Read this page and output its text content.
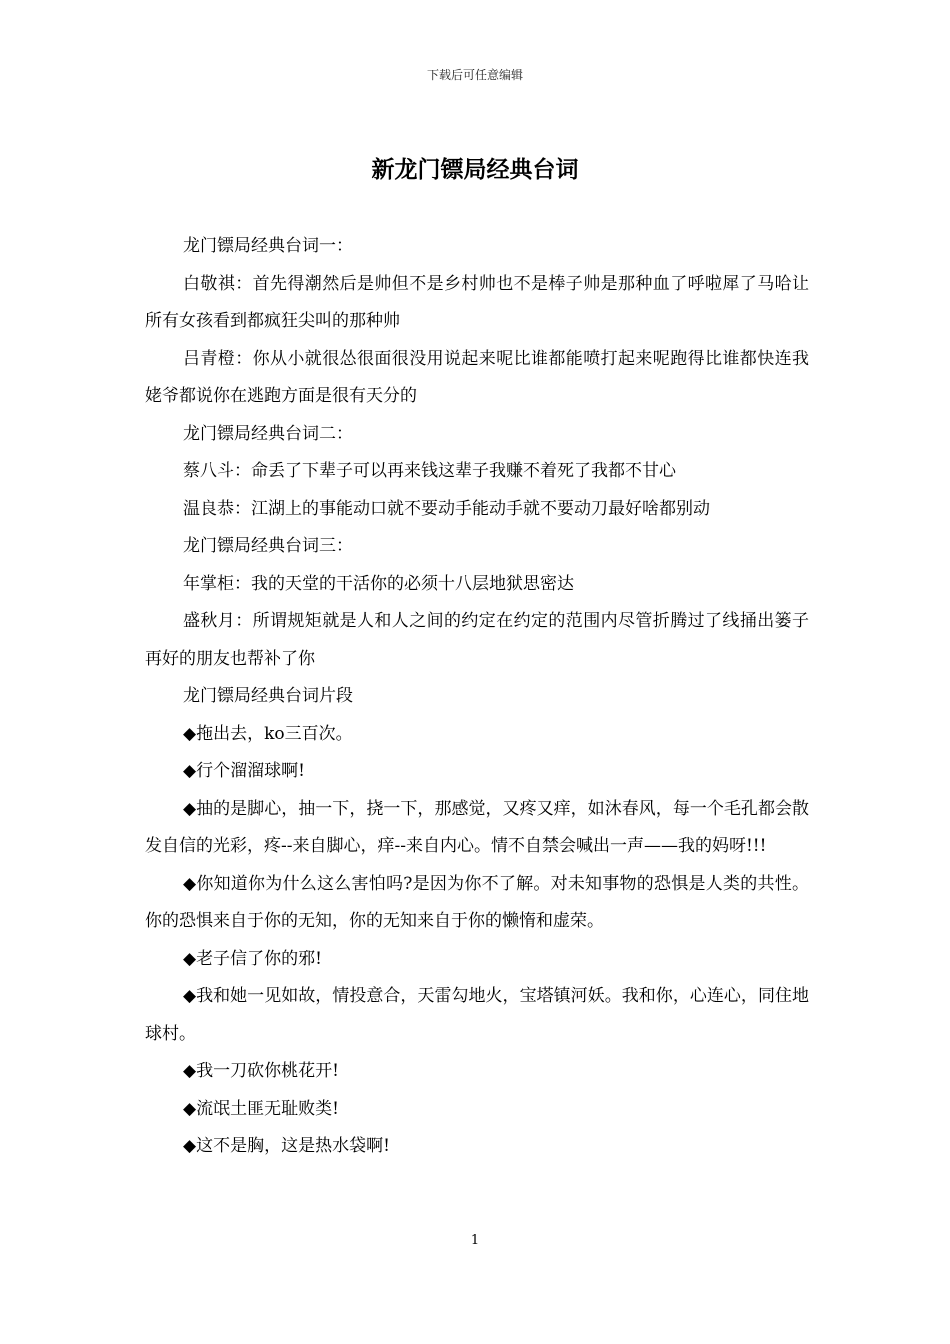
下载后可任意编辑
新龙门镖局经典台词

龙门镖局经典台词一：

白敬祺：首先得潮然后是帅但不是乡村帅也不是棒子帅是那种血了呼啦犀了马哈让所有女孩看到都疯狂尖叫的那种帅

吕青橙：你从小就很怂很面很没用说起来呢比谁都能喷打起来呢跑得比谁都快连我姥爷都说你在逃跑方面是很有天分的

龙门镖局经典台词二：

蔡八斗：命丢了下辈子可以再来钱这辈子我赚不着死了我都不甘心

温良恭：江湖上的事能动口就不要动手能动手就不要动刀最好啥都别动

龙门镖局经典台词三：

年掌柜：我的天堂的干活你的必须十八层地狱思密达

盛秋月：所谓规矩就是人和人之间的约定在约定的范围内尽管折腾过了线捅出篓子再好的朋友也帮补了你

龙门镖局经典台词片段

◆拖出去，ko三百次。

◆行个溜溜球啊!

◆抽的是脚心，抽一下，挠一下，那感觉，又疼又痒，如沐春风，每一个毛孔都会散发自信的光彩，疼--来自脚心，痒--来自内心。情不自禁会喊出一声——我的妈呀!!!

◆你知道你为什么这么害怕吗?是因为你不了解。对未知事物的恐惧是人类的共性。你的恐惧来自于你的无知，你的无知来自于你的懒惰和虚荣。

◆老子信了你的邪!

◆我和她一见如故，情投意合，天雷勾地火，宝塔镇河妖。我和你，心连心，同住地球村。

◆我一刀砍你桃花开!

◆流氓土匪无耻败类!

◆这不是胸，这是热水袋啊!

1
